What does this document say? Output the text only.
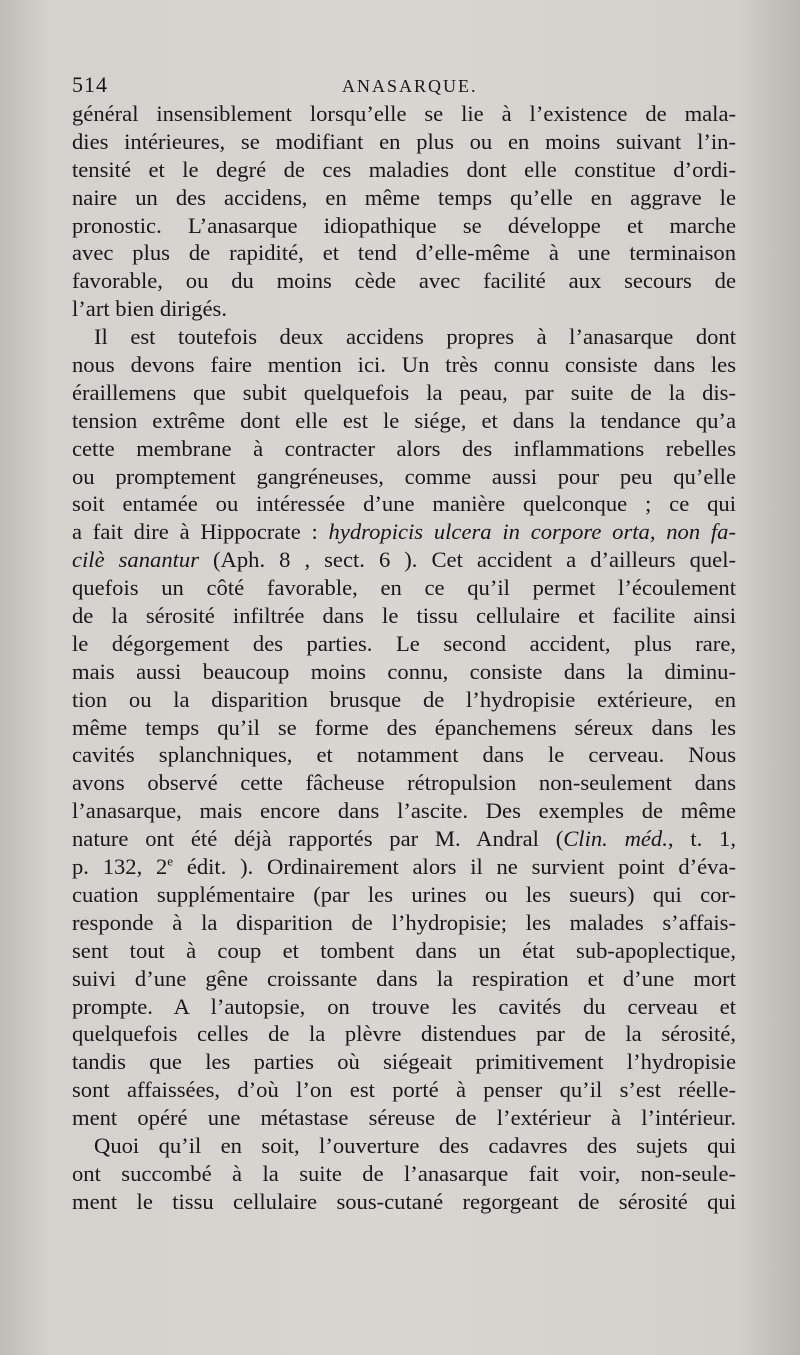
514	ANASARQUE.
général insensiblement lorsqu’elle se lie à l’existence de mala-
dies intérieures, se modifiant en plus ou en moins suivant l’in-
tensité et le degré de ces maladies dont elle constitue d’ordi-
naire un des accidens, en même temps qu’elle en aggrave le
pronostic. L’anasarque idiopathique se développe et marche
avec plus de rapidité, et tend d’elle-même à une terminaison
favorable, ou du moins cède avec facilité aux secours de
l’art bien dirigés.
Il est toutefois deux accidens propres à l’anasarque dont
nous devons faire mention ici. Un très connu consiste dans les
éraillemens que subit quelquefois la peau, par suite de la dis-
tension extrême dont elle est le siége, et dans la tendance qu’a
cette membrane à contracter alors des inflammations rebelles
ou promptement gangréneuses, comme aussi pour peu qu’elle
soit entamée ou intéressée d’une manière quelconque ; ce qui
a fait dire à Hippocrate : hydropicis ulcera in corpore orta, non fa-
cilè sanantur (Aph. 8 , sect. 6 ). Cet accident a d’ailleurs quel-
quefois un côté favorable, en ce qu’il permet l’écoulement
de la sérosité infiltrée dans le tissu cellulaire et facilite ainsi
le dégorgement des parties. Le second accident, plus rare,
mais aussi beaucoup moins connu, consiste dans la diminu-
tion ou la disparition brusque de l’hydropisie extérieure, en
même temps qu’il se forme des épanchemens séreux dans les
cavités splanchniques, et notamment dans le cerveau. Nous
avons observé cette fâcheuse rétropulsion non-seulement dans
l’anasarque, mais encore dans l’ascite. Des exemples de même
nature ont été déjà rapportés par M. Andral (Clin. méd., t. 1,
p. 132, 2e édit. ). Ordinairement alors il ne survient point d’éva-
cuation supplémentaire (par les urines ou les sueurs) qui cor-
responde à la disparition de l’hydropisie; les malades s’affais-
sent tout à coup et tombent dans un état sub-apoplectique,
suivi d’une gêne croissante dans la respiration et d’une mort
prompte. A l’autopsie, on trouve les cavités du cerveau et
quelquefois celles de la plèvre distendues par de la sérosité,
tandis que les parties où siégeait primitivement l’hydropisie
sont affaissées, d’où l’on est porté à penser qu’il s’est réelle-
ment opéré une métastase séreuse de l’extérieur à l’intérieur.
Quoi qu’il en soit, l’ouverture des cadavres des sujets qui
ont succombé à la suite de l’anasarque fait voir, non-seule-
ment le tissu cellulaire sous-cutané regorgeant de sérosité qui
